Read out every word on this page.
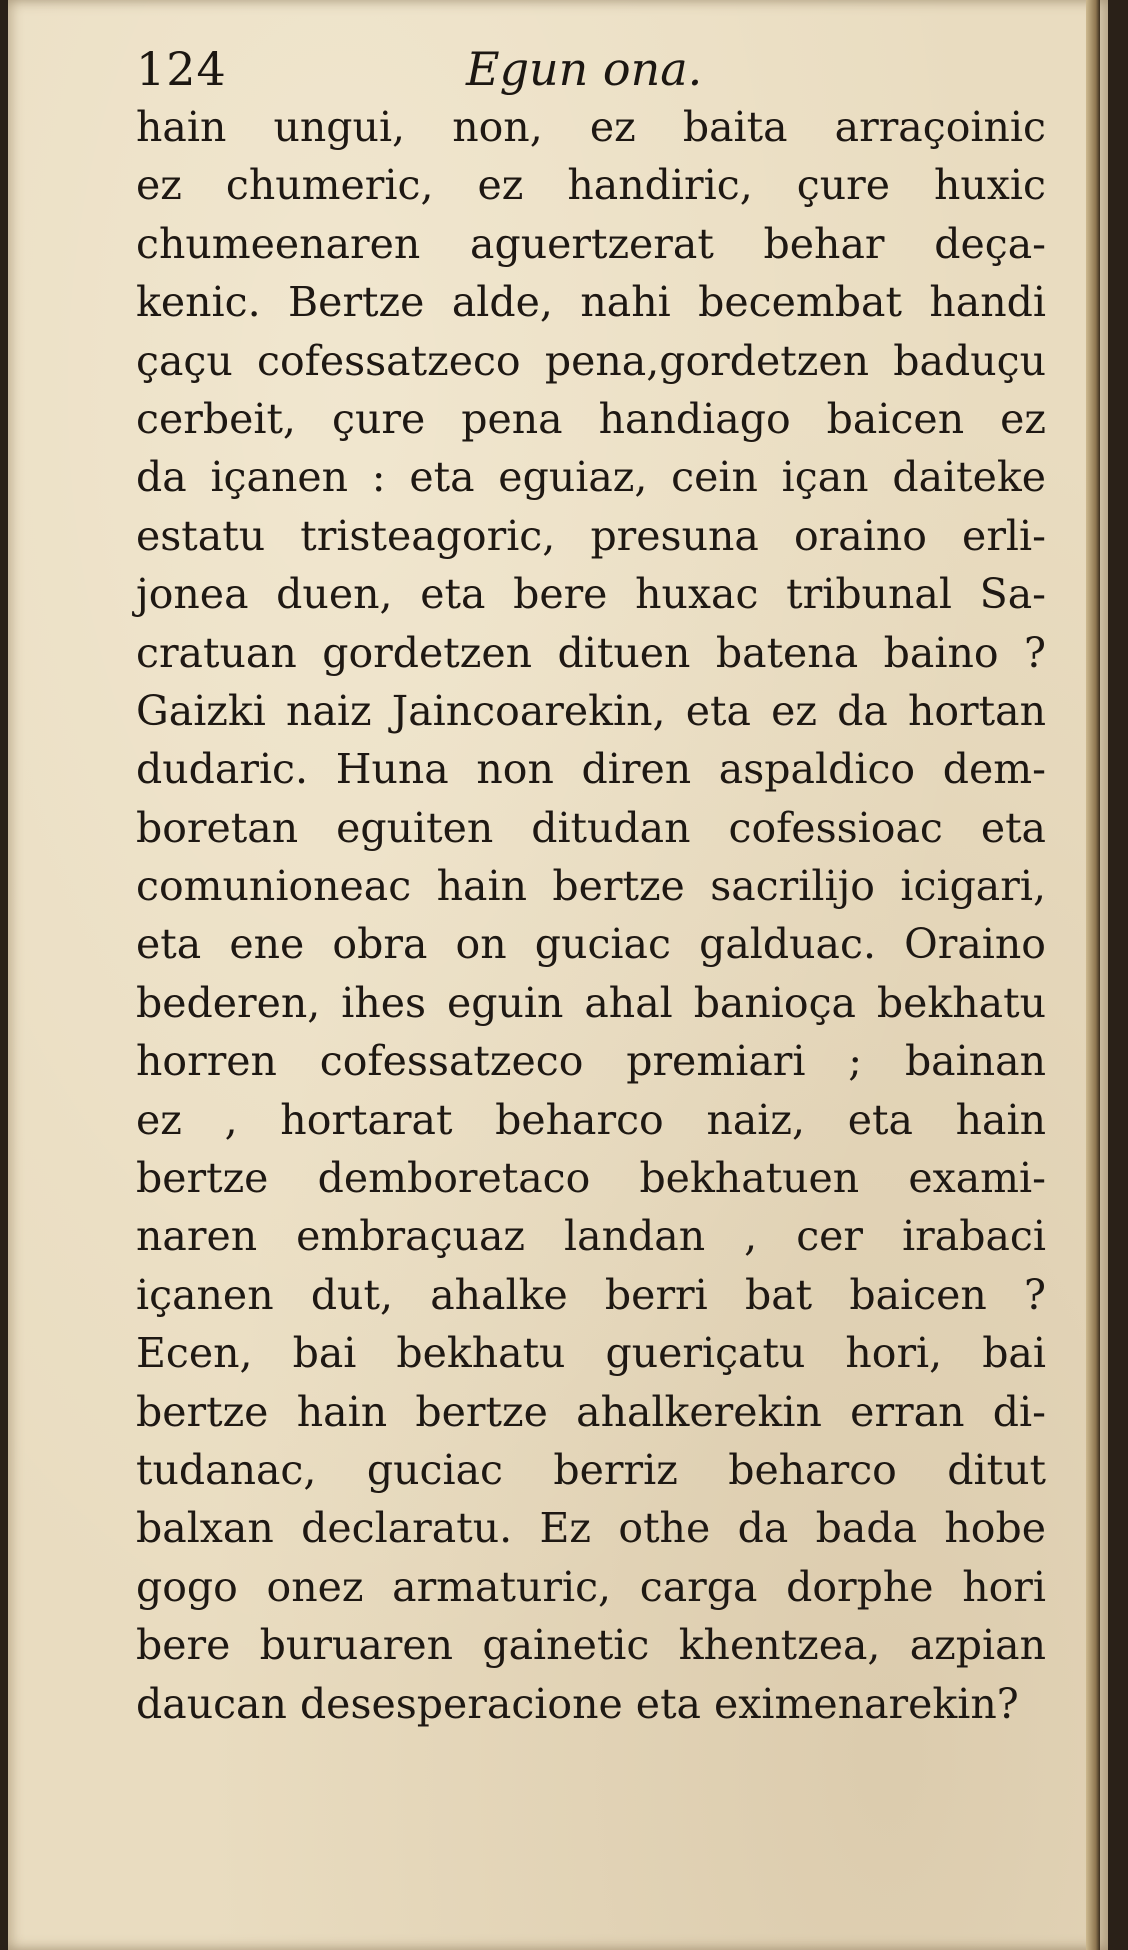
124	Egun ona.
hain ungui, non, ez baita arraçoinic
ez chumeric, ez handiric, çure huxic
chumeenaren aguertzerat behar deça-
kenic. Bertze alde, nahi becembat handi
çaçu cofessatzeco pena,gordetzen baduçu
cerbeit, çure pena handiago baicen ez
da içanen : eta eguiaz, cein içan daiteke
estatu tristeagoric, presuna oraino erli-
jonea duen, eta bere huxac tribunal Sa-
cratuan gordetzen dituen batena baino ?
Gaizki naiz Jaincoarekin, eta ez da hortan
dudaric. Huna non diren aspaldico dem-
boretan eguiten ditudan cofessioac eta
comunioneac hain bertze sacrilijo icigari,
eta ene obra on guciac galduac. Oraino
bederen, ihes eguin ahal banioça bekhatu
horren cofessatzeco premiari ; bainan
ez , hortarat beharco naiz, eta hain
bertze demboretaco bekhatuen exami-
naren embraçuaz landan , cer irabaci
içanen dut, ahalke berri bat baicen ?
Ecen, bai bekhatu gueriçatu hori, bai
bertze hain bertze ahalkerekin erran di-
tudanac, guciac berriz beharco ditut
balxan declaratu. Ez othe da bada hobe
gogo onez armaturic, carga dorphe hori
bere buruaren gainetic khentzea, azpian
daucan desesperacione eta eximenarekin?
